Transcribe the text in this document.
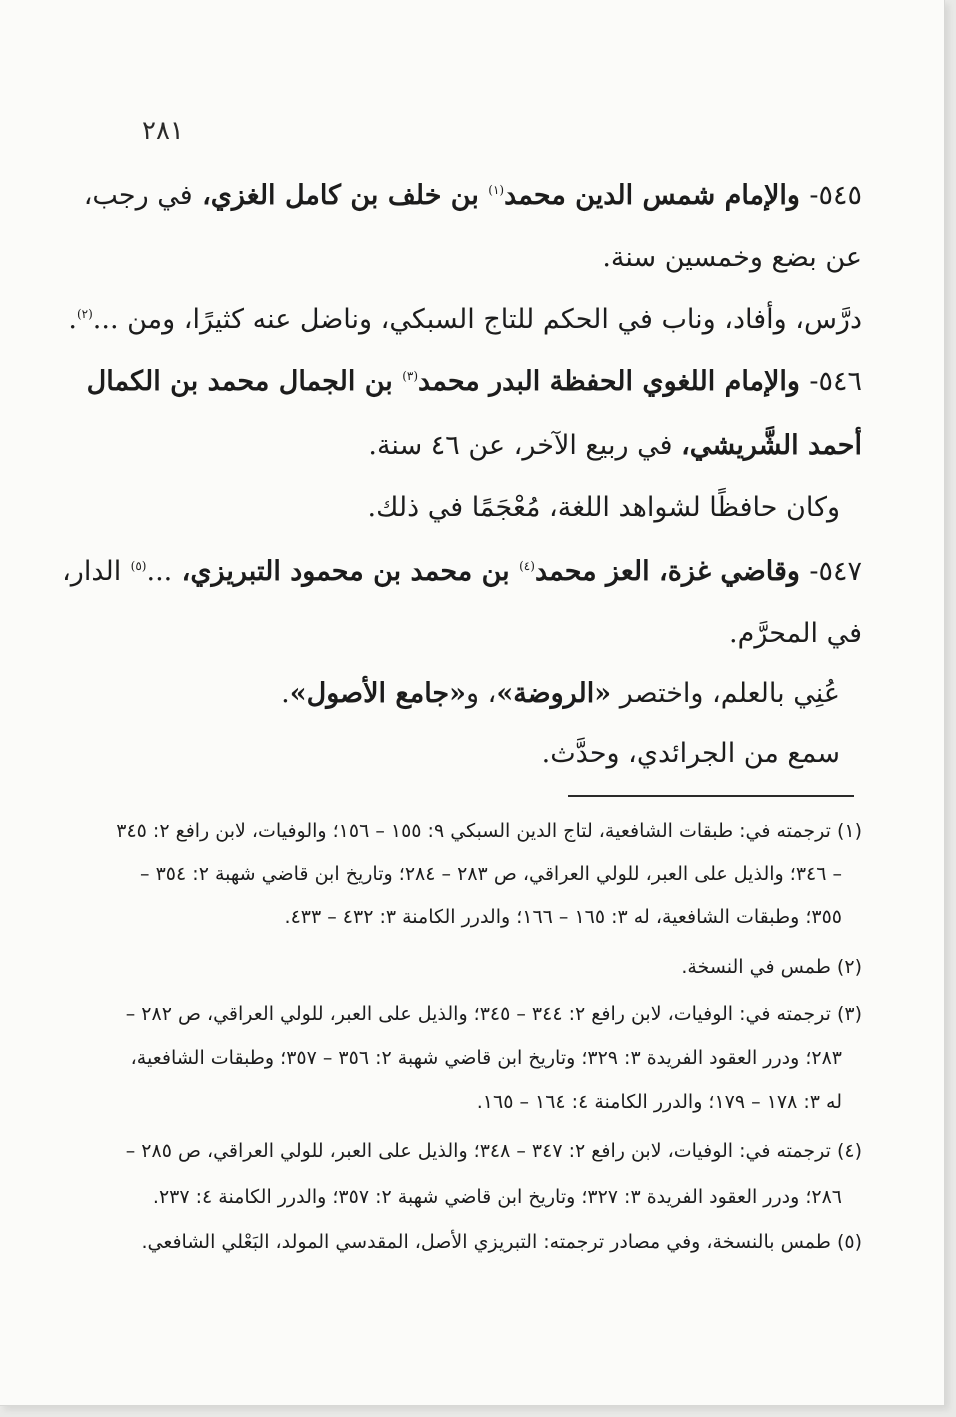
٢٨١
٥٤٥- والإمام شمس الدين محمد$^{(١)}$ بن خلف بن كامل الغزي، في رجب،
عن بضع وخمسين سنة.
درَّس، وأفاد، وناب في الحكم للتاج السبكي، وناضل عنه كثيرًا، ومن ...$^{(٢)}$.
٥٤٦- والإمام اللغوي الحفظة البدر محمد$^{(٣)}$ بن الجمال محمد بن الكمال
أحمد الشَّريشي، في ربيع الآخر، عن ٤٦ سنة.
وكان حافظًا لشواهد اللغة، مُعْجَمًا في ذلك.
٥٤٧- وقاضي غزة، العز محمد$^{(٤)}$ بن محمد بن محمود التبريزي، ...$^{(٥)}$ الدار،
في المحرَّم.
عُنِي بالعلم، واختصر «الروضة»، و«جامع الأصول».
سمع من الجرائدي، وحدَّث.
(١) ترجمته في: طبقات الشافعية، لتاج الدين السبكي ٩: ١٥٥ – ١٥٦؛ والوفيات، لابن رافع ٢: ٣٤٥
– ٣٤٦؛ والذيل على العبر، للولي العراقي، ص ٢٨٣ – ٢٨٤؛ وتاريخ ابن قاضي شهبة ٢: ٣٥٤ –
٣٥٥؛ وطبقات الشافعية، له ٣: ١٦٥ – ١٦٦؛ والدرر الكامنة ٣: ٤٣٢ – ٤٣٣.
(٢) طمس في النسخة.
(٣) ترجمته في: الوفيات، لابن رافع ٢: ٣٤٤ – ٣٤٥؛ والذيل على العبر، للولي العراقي، ص ٢٨٢ –
٢٨٣؛ ودرر العقود الفريدة ٣: ٣٢٩؛ وتاريخ ابن قاضي شهبة ٢: ٣٥٦ – ٣٥٧؛ وطبقات الشافعية،
له ٣: ١٧٨ – ١٧٩؛ والدرر الكامنة ٤: ١٦٤ – ١٦٥.
(٤) ترجمته في: الوفيات، لابن رافع ٢: ٣٤٧ – ٣٤٨؛ والذيل على العبر، للولي العراقي، ص ٢٨٥ –
٢٨٦؛ ودرر العقود الفريدة ٣: ٣٢٧؛ وتاريخ ابن قاضي شهبة ٢: ٣٥٧؛ والدرر الكامنة ٤: ٢٣٧.
(٥) طمس بالنسخة، وفي مصادر ترجمته: التبريزي الأصل، المقدسي المولد، البَعْلي الشافعي.
